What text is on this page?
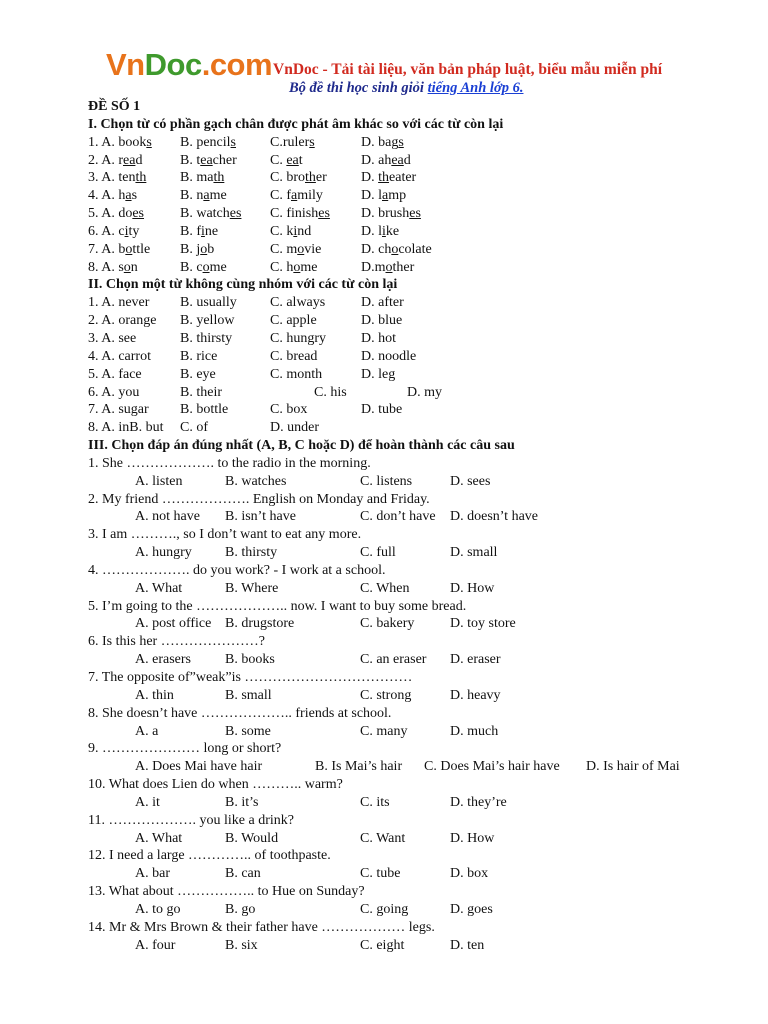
VnDoc.com VnDoc - Tải tài liệu, văn bản pháp luật, biểu mẫu miễn phí
Bộ đề thi học sinh giỏi tiếng Anh lớp 6.
ĐỀ SỐ 1
I. Chọn từ có phần gạch chân được phát âm khác so với các từ còn lại
1. A. books B. pencils C.rulers	D. bags
2. A. read	B. teacher C. eat	D. ahead
3. A. tenth B. math	C. brother D. theater
4. A. has	B. name	C. family	D. lamp
5. A. does	B. watches C. finishes D. brushes
6. A. city	B. fine	C. kind	D. like
7. A. bottle B. job	C. movie	D. chocolate
8. A. son	B. come	C. home	D.mother
II. Chọn một từ không cùng nhóm với các từ còn lại
1. A. never B. usually C. always	D. after
2. A. orange B. yellow	C. apple	D. blue
3. A. see	B. thirsty	C. hungry	D. hot
4. A. carrot B. rice	C. bread	D. noodle
5. A. face	B. eye	C. month	D. leg
6. A. you	B. their	C. his	D. my
7. A. sugar B. bottle	C. box	D. tube
8. A. inB. but C. of	D. under
III. Chọn đáp án đúng nhất (A, B, C hoặc D) để hoàn thành các câu sau
1. She ………………. to the radio in the morning.
A. listen	B. watches	C. listens	D. sees
2. My friend ………………. English on Monday and Friday.
A. not have B. isn’t have	C. don’t have D. doesn’t have
3. I am ………., so I don’t want to eat any more.
A. hungry B. thirsty	C. full	D. small
4. ………………. do you work? - I work at a school.
A. What	B. Where	C. When	D. How
5. I’m going to the ……………….. now. I want to buy some bread.
A. post office B. drugstore	C. bakery	D. toy store
6. Is this her …………………?
A. erasers B. books	C. an eraser D. eraser
7. The opposite of”weak”is ………………………………
A. thin	B. small	C. strong	D. heavy
8. She doesn’t have ……………….. friends at school.
A. a	B. some	C. many	D. much
9. ………………… long or short?
A. Does Mai have hair	B. Is Mai’s hair C. Does Mai’s hair have D. Is hair of Mai
10. What does Lien do when ……….. warm?
A. it	B. it’s	C. its	D. they’re
11. ………………. you like a drink?
A. What	B. Would	C. Want	D. How
12. I need a large ………….. of toothpaste.
A. bar	B. can	C. tube	D. box
13. What about …………….. to Hue on Sunday?
A. to go	B. go	C. going	D. goes
14. Mr & Mrs Brown & their father have ……………… legs.
A. four	B. six	C. eight	D. ten
